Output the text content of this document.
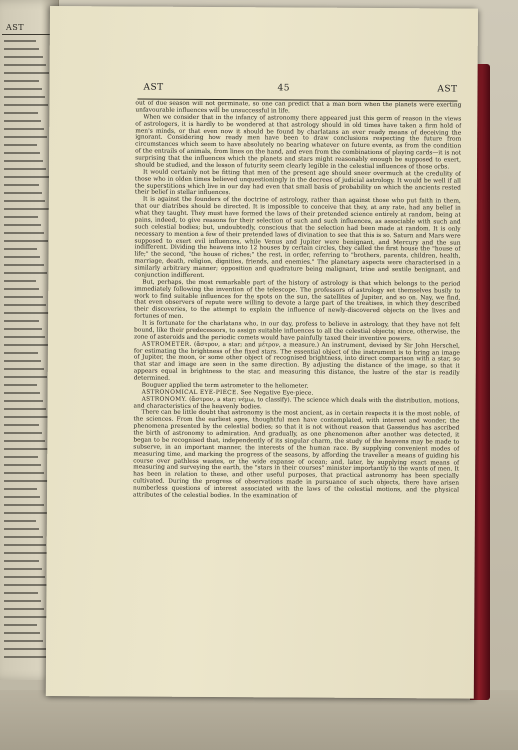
AST
AST	45	AST

out of due season will not germinate, so one can predict that a man born when the planets were exerting unfavourable influences will be unsuccessful in life.

When we consider that in the infancy of astronomy there appeared just this germ of reason in the views of astrologers, it is hardly to be wondered at that astrology should in old times have taken a firm hold of men's minds, or that even now it should be found by charlatans an ever ready means of deceiving the ignorant. Considering how ready men have been to draw conclusions respecting the future from circumstances which seem to have absolutely no bearing whatever on future events, as from the condition of the entrails of animals, from lines on the hand, and even from the combinations of playing cards—it is not surprising that the influences which the planets and stars might reasonably enough be supposed to exert, should be studied, and the lesson of futurity seem clearly legible in the celestial influences of those orbs.

It would certainly not be fitting that men of the present age should sneer overmuch at the credulity of those who in olden times believed unquestioningly in the decrees of judicial astrology. It would be well if all the superstitions which live in our day had even that small basis of probability on which the ancients rested their belief in stellar influences.

It is against the founders of the doctrine of astrology, rather than against those who put faith in them, that our diatribes should be directed. It is impossible to conceive that they, at any rate, had any belief in what they taught. They must have formed the laws of their pretended science entirely at random, being at pains, indeed, to give reasons for their selection of such and such influences, as associable with such and such celestial bodies; but, undoubtedly, conscious that the selection had been made at random. It is only necessary to mention a few of their pretended laws of divination to see that this is so. Saturn and Mars were supposed to exert evil influences, while Venus and Jupiter were benignant, and Mercury and the sun indifferent. Dividing the heavens into 12 houses by certain circles, they called the first house the "house of life;" the second, "the house of riches;" the rest, in order, referring to "brothers, parents, children, health, marriage, death, religion, dignities, friends, and enemies." The planetary aspects were characterised in a similarly arbitrary manner; opposition and quadrature being malignant, trine and sextile benignant, and conjunction indifferent.

But, perhaps, the most remarkable part of the history of astrology is that which belongs to the period immediately following the invention of the telescope. The professors of astrology set themselves busily to work to find suitable influences for the spots on the sun, the satellites of Jupiter, and so on. Nay, we find, that even observers of repute were willing to devote a large part of the treatises, in which they described their discoveries, to the attempt to explain the influence of newly-discovered objects on the lives and fortunes of men.

It is fortunate for the charlatans who, in our day, profess to believe in astrology, that they have not felt bound, like their predecessors, to assign suitable influences to all the celestial objects; since, otherwise, the zone of asteroids and the periodic comets would have painfully taxed their inventive powers.

ASTROMETER. (ἄστρον, a star; and μέτρον, a measure.) An instrument, devised by Sir John Herschel, for estimating the brightness of the fixed stars. The essential object of the instrument is to bring an image of Jupiter, the moon, or some other object of recognised brightness, into direct comparison with a star, so that star and image are seen in the same direction. By adjusting the distance of the image, so that it appears equal in brightness to the star, and measuring this distance, the lustre of the star is readily determined.

Bouguer applied the term astrometer to the heliometer.

ASTRONOMICAL EYE-PIECE. See Negative Eye-piece.

ASTRONOMY. (ἄστρον, a star; νέμω, to classify). The science which deals with the distribution, motions, and characteristics of the heavenly bodies.

There can be little doubt that astronomy is the most ancient, as in certain respects it is the most noble, of the sciences. From the earliest ages, thoughtful men have contemplated, with interest and wonder, the phenomena presented by the celestial bodies; so that it is not without reason that Gassendus has ascribed the birth of astronomy to admiration. And gradually, as one phenomenon after another was detected, it began to be recognised that, independently of its singular charm, the study of the heavens may be made to subserve, in an important manner, the interests of the human race. By supplying convenient modes of measuring time, and marking the progress of the seasons, by affording the traveller a means of guiding his course over pathless wastes, or the wide expanse of ocean; and, later, by supplying exact means of measuring and surveying the earth, the "stars in their courses" minister importantly to the wants of men. It has been in relation to these, and other useful purposes, that practical astronomy has been specially cultivated. During the progress of observations made in pursuance of such objects, there have arisen numberless questions of interest associated with the laws of the celestial motions, and the physical attributes of the celestial bodies. In the examination of
